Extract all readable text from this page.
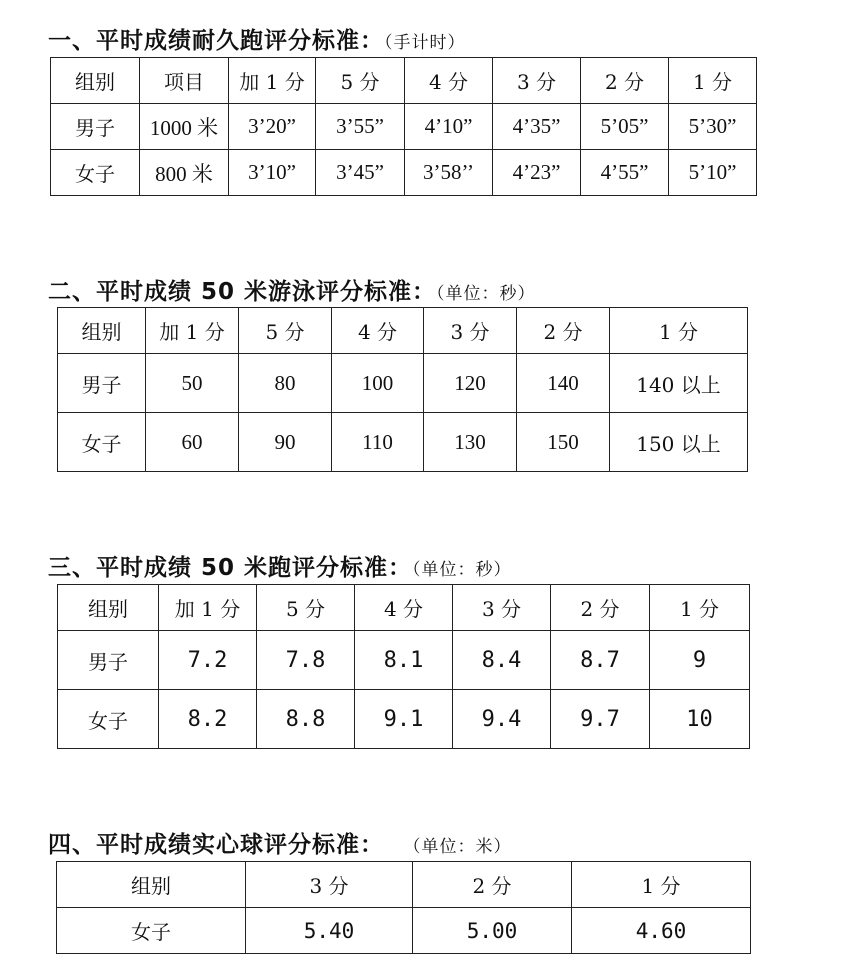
一、平时成绩耐久跑评分标准：（手计时）
组别	项目	加 1 分	5 分	4 分	3 分	2 分	1 分
男子	1000 米	3’20”	3’55”	4’10”	4’35”	5’05”	5’30”
女子	800 米	3’10”	3’45”	3’58’’	4’23”	4’55”	5’10”
二、平时成绩 50 米游泳评分标准：（单位：秒）
组别	加 1 分	5 分	4 分	3 分	2 分	1 分
男子	50	80	100	120	140	140 以上
女子	60	90	110	130	150	150 以上
三、平时成绩 50 米跑评分标准：（单位：秒）
组别	加 1 分	5 分	4 分	3 分	2 分	1 分
男子	7.2	7.8	8.1	8.4	8.7	9
女子	8.2	8.8	9.1	9.4	9.7	10
四、平时成绩实心球评分标准： （单位：米）
组别	3 分	2 分	1 分
女子	5.40	5.00	4.60
